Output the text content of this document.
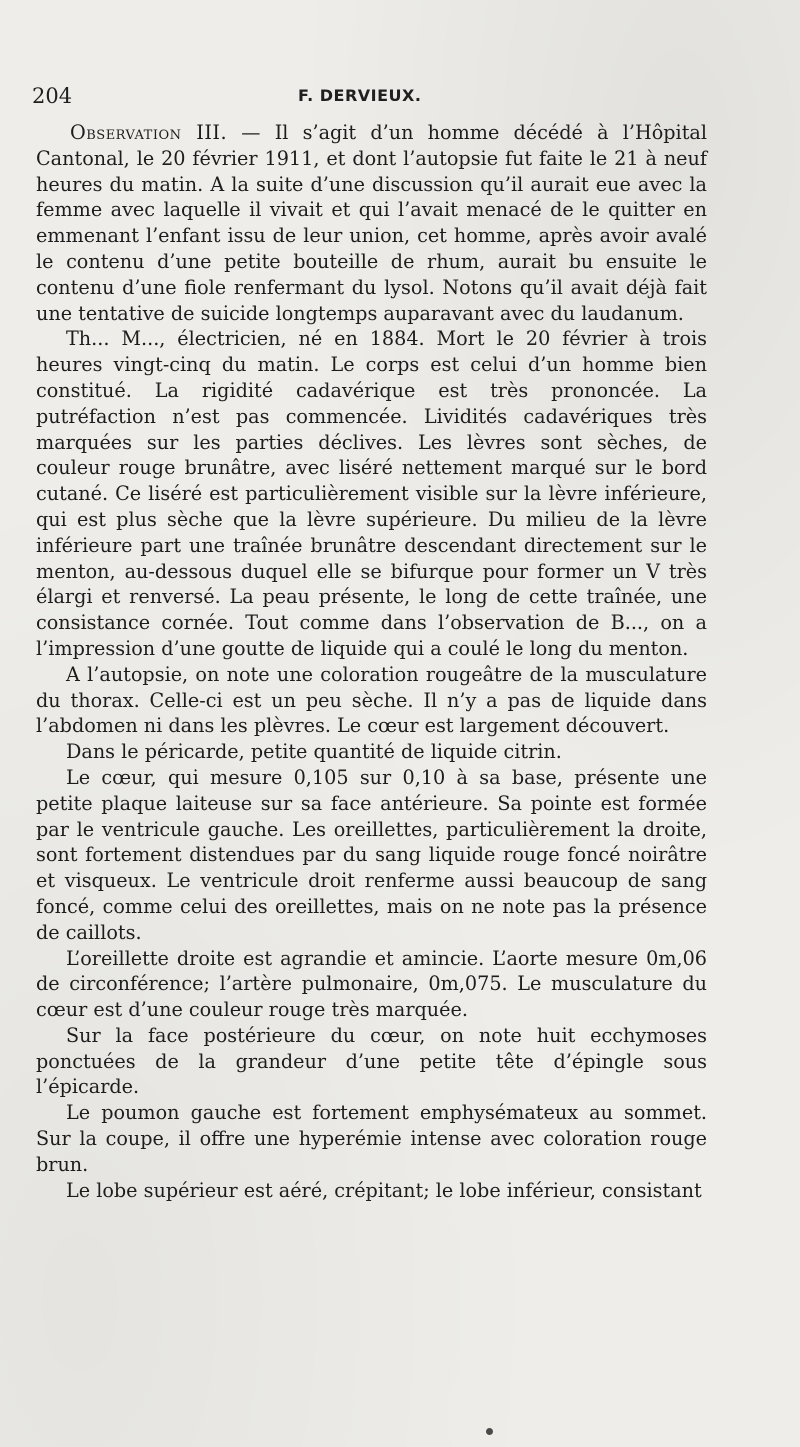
204	F. DERVIEUX.

Observation III. — Il s’agit d’un homme décédé à l’Hôpital Cantonal, le 20 février 1911, et dont l’autopsie fut faite le 21 à neuf heures du matin. A la suite d’une discussion qu’il aurait eue avec la femme avec laquelle il vivait et qui l’avait menacé de le quitter en emmenant l’enfant issu de leur union, cet homme, après avoir avalé le contenu d’une petite bouteille de rhum, aurait bu ensuite le contenu d’une fiole renfermant du lysol. Notons qu’il avait déjà fait une tentative de suicide longtemps auparavant avec du laudanum.

Th... M..., électricien, né en 1884. Mort le 20 février à trois heures vingt-cinq du matin. Le corps est celui d’un homme bien constitué. La rigidité cadavérique est très prononcée. La putréfaction n’est pas commencée. Lividités cadavériques très marquées sur les parties déclives. Les lèvres sont sèches, de couleur rouge brunâtre, avec liséré nettement marqué sur le bord cutané. Ce liséré est particulièrement visible sur la lèvre inférieure, qui est plus sèche que la lèvre supérieure. Du milieu de la lèvre inférieure part une traînée brunâtre descendant directement sur le menton, au-dessous duquel elle se bifurque pour former un V très élargi et renversé. La peau présente, le long de cette traînée, une consistance cornée. Tout comme dans l’observation de B..., on a l’impression d’une goutte de liquide qui a coulé le long du menton.

A l’autopsie, on note une coloration rougeâtre de la musculature du thorax. Celle-ci est un peu sèche. Il n’y a pas de liquide dans l’abdomen ni dans les plèvres. Le cœur est largement découvert.

Dans le péricarde, petite quantité de liquide citrin.

Le cœur, qui mesure 0,105 sur 0,10 à sa base, présente une petite plaque laiteuse sur sa face antérieure. Sa pointe est formée par le ventricule gauche. Les oreillettes, particulièrement la droite, sont fortement distendues par du sang liquide rouge foncé noirâtre et visqueux. Le ventricule droit renferme aussi beaucoup de sang foncé, comme celui des oreillettes, mais on ne note pas la présence de caillots.

L’oreillette droite est agrandie et amincie. L’aorte mesure 0m,06 de circonférence; l’artère pulmonaire, 0m,075. Le musculature du cœur est d’une couleur rouge très marquée.

Sur la face postérieure du cœur, on note huit ecchymoses ponctuées de la grandeur d’une petite tête d’épingle sous l’épicarde.

Le poumon gauche est fortement emphysémateux au sommet. Sur la coupe, il offre une hyperémie intense avec coloration rouge brun.

Le lobe supérieur est aéré, crépitant; le lobe inférieur, consistant
